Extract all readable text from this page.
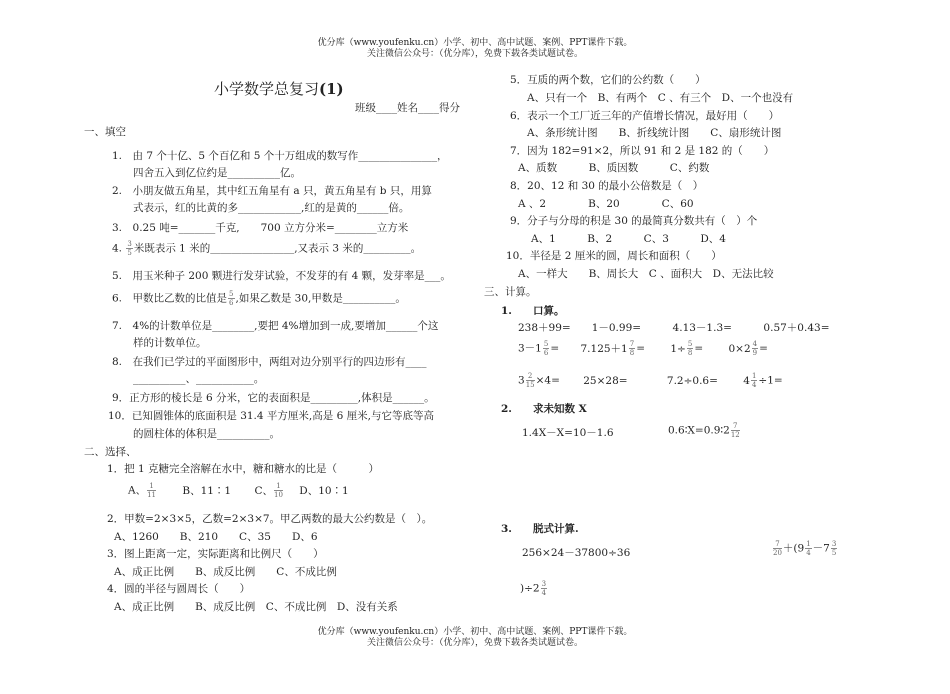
优分库（www.youfenku.cn）小学、初中、高中试题、案例、PPT课件下载。
关注微信公众号：（优分库），免费下载各类试题试卷。
小学数学总复习(1)
班级____姓名____得分
一、填空
1.　由 7 个十亿、5 个百亿和 5 个十万组成的数写作_______________，
四舍五入到亿位约是__________亿。
2.　小朋友做五角星，其中红五角星有 a 只，黄五角星有 b 只，用算
式表示，红的比黄的多____________,红的是黄的______倍。
3.　0.25 吨=_______千克,　　700 立方分米=________立方米
4. $\frac{3}{5}$ 米既表示 1 米的________________,又表示 3 米的_________。
5.　用玉米种子 200 颗进行发芽试验，不发芽的有 4 颗，发芽率是___。
6.　甲数比乙数的比值是 $\frac{5}{6}$ ,如果乙数是 30,甲数是__________。
7.　4%的计数单位是________,要把 4%增加到一成,要增加______个这
样的计数单位。
8.　在我们已学过的平面图形中，两组对边分别平行的四边形有____
__________、___________。
9．正方形的棱长是 6 分米，它的表面积是_________,体积是______。
10．已知圆锥体的底面积是 31.4 平方厘米,高是 6 厘米,与它等底等高
的圆柱体的体积是__________。
二、选择、
1．把 1 克糖完全溶解在水中，糖和糖水的比是（　　　）
A、 $\frac{1}{11}$	B、11∶1 C、 $\frac{1}{10}$ D、10∶1
2．甲数=2×3×5，乙数=2×3×7。甲乙两数的最大公约数是（　）。
A、1260　　B、210　　C、35　　D、6
3．图上距离一定，实际距离和比例尺（　　）
A、成正比例　　B、成反比例　　C、不成比例
4．圆的半径与圆周长（　　）
A、成正比例　　B、成反比例　C、不成比例　D、没有关系
5．互质的两个数，它们的公约数（　　）
A、只有一个　B、有两个　C 、有三个　D、一个也没有
6．表示一个工厂近三年的产值增长情况，最好用（　　）
A、条形统计图　　B、折线统计图　　C、扇形统计图
7．因为 182=91×2，所以 91 和 2 是 182 的（　　）
A、质数　　　B、质因数　　　C、约数
8．20、12 和 30 的最小公倍数是（　）
A 、2　　　　B、20　　　　C、60
9．分子与分母的积是 30 的最简真分数共有（　）个
A、1　　　B、2　　　C、3　　　D、4
10．半径是 2 厘米的圆，周长和面积（　　）
A、一样大　　B、周长大　C 、面积大　D、无法比较
三、计算。
1.　　口算。
238＋99=　　1－0.99=　　　4.13－1.3=　　　0.57＋0.43=
$3-1 \frac{5}{6} = 7.125+1 \frac{7}{8} = 1\div \frac{5}{8} = 0\times 2 \frac{4}{9}$ =
$3 \frac{2}{15} \times 4= 25\times 28=$	$7.2\div 0.6= 4 \frac{1}{4} \div 1=$
2.　　求未知数 X
1.4X－X=10－1.6	0.6∶X=0.9∶2 $\frac{7}{12}$
3.　　脱式计算.
256×24－37800÷36	$\frac{7}{20} +(9 \frac{1}{4} -7 \frac{3}{5}$
)$\div 2 \frac{3}{4}$
优分库（www.youfenku.cn）小学、初中、高中试题、案例、PPT课件下载。
关注微信公众号：（优分库），免费下载各类试题试卷。
